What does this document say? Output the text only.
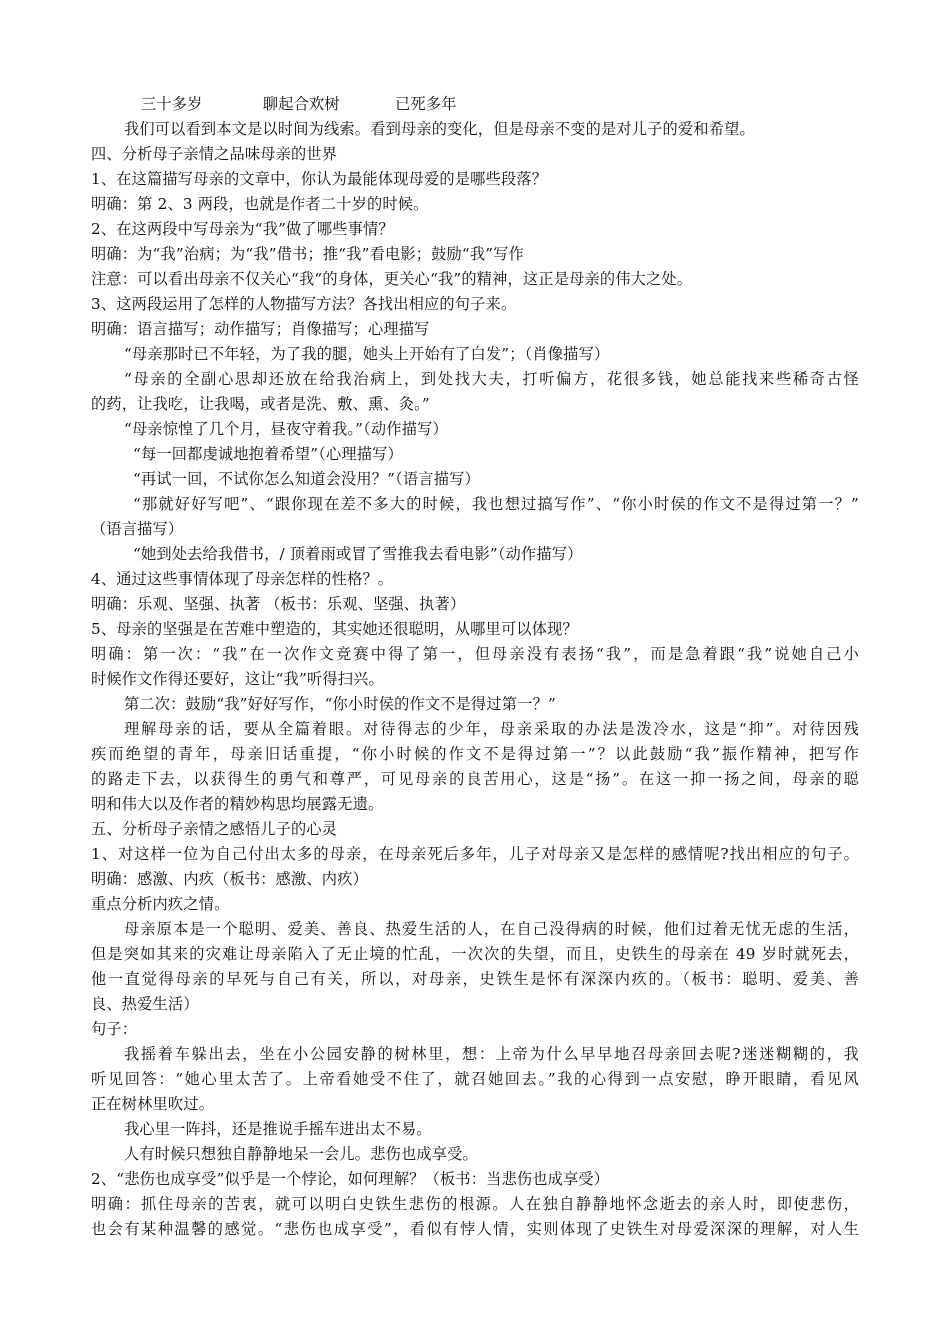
三十多岁            聊起合欢树           已死多年

我们可以看到本文是以时间为线索。看到母亲的变化，但是母亲不变的是对儿子的爱和希望。

四、分析母子亲情之品味母亲的世界

1、在这篇描写母亲的文章中，你认为最能体现母爱的是哪些段落？

明确：第 2、3 两段，也就是作者二十岁的时候。

2、在这两段中写母亲为“我”做了哪些事情？

明确：为“我”治病；为“我”借书；推“我”看电影；鼓励“我”写作

注意：可以看出母亲不仅关心“我“的身体，更关心“我”的精神，这正是母亲的伟大之处。

3、这两段运用了怎样的人物描写方法？各找出相应的句子来。

明确：语言描写；动作描写；肖像描写；心理描写

“母亲那时已不年轻，为了我的腿，她头上开始有了白发”；（肖像描写）

“母亲的全副心思却还放在给我治病上，到处找大夫，打听偏方，花很多钱，她总能找来些稀奇古怪

的药，让我吃，让我喝，或者是洗、敷、熏、灸。”

“母亲惊惶了几个月，昼夜守着我。”（动作描写）

“每一回都虔诚地抱着希望”（心理描写）

“再试一回，不试你怎么知道会没用？”（语言描写）

“那就好好写吧”、“跟你现在差不多大的时候，我也想过搞写作”、“你小时侯的作文不是得过第一？”

（语言描写）

“她到处去给我借书，/ 顶着雨或冒了雪推我去看电影”（动作描写）

4、通过这些事情体现了母亲怎样的性格？。

明确：乐观、坚强、执著 （板书：乐观、坚强、执著）

5、母亲的坚强是在苦难中塑造的，其实她还很聪明，从哪里可以体现？

明确：第一次：“我”在一次作文竞赛中得了第一，但母亲没有表扬“我”，而是急着跟“我”说她自己小

时候作文作得还要好，这让“我”听得扫兴。

第二次：鼓励“我”好好写作，“你小时侯的作文不是得过第一？”

理解母亲的话，要从全篇着眼。对待得志的少年，母亲采取的办法是泼冷水，这是“抑”。对待因残

疾而绝望的青年，母亲旧话重提，“你小时候的作文不是得过第一”？以此鼓励“我”振作精神，把写作

的路走下去，以获得生的勇气和尊严，可见母亲的良苦用心，这是“扬”。在这一抑一扬之间，母亲的聪

明和伟大以及作者的精妙构思均展露无遗。

五、分析母子亲情之感悟儿子的心灵

1、对这样一位为自己付出太多的母亲，在母亲死后多年，儿子对母亲又是怎样的感情呢?找出相应的句子。

明确：感激、内疚（板书：感激、内疚）

重点分析内疚之情。

母亲原本是一个聪明、爱美、善良、热爱生活的人，在自己没得病的时候，他们过着无忧无虑的生活，

但是突如其来的灾难让母亲陷入了无止境的忙乱，一次次的失望，而且，史铁生的母亲在 49 岁时就死去，

他一直觉得母亲的早死与自己有关，所以，对母亲，史铁生是怀有深深内疚的。（板书：聪明、爱美、善

良、热爱生活）

句子：

我摇着车躲出去，坐在小公园安静的树林里，想：上帝为什么早早地召母亲回去呢?迷迷糊糊的，我

听见回答：“她心里太苦了。上帝看她受不住了，就召她回去。”我的心得到一点安慰，睁开眼睛，看见风

正在树林里吹过。

我心里一阵抖，还是推说手摇车进出太不易。

人有时候只想独自静静地呆一会儿。悲伤也成享受。

2、“悲伤也成享受”似乎是一个悖论，如何理解？（板书：当悲伤也成享受）

明确：抓住母亲的苦衷，就可以明白史铁生悲伤的根源。人在独自静静地怀念逝去的亲人时，即使悲伤，

也会有某种温馨的感觉。“悲伤也成享受”，看似有悖人情，实则体现了史铁生对母爱深深的理解，对人生
